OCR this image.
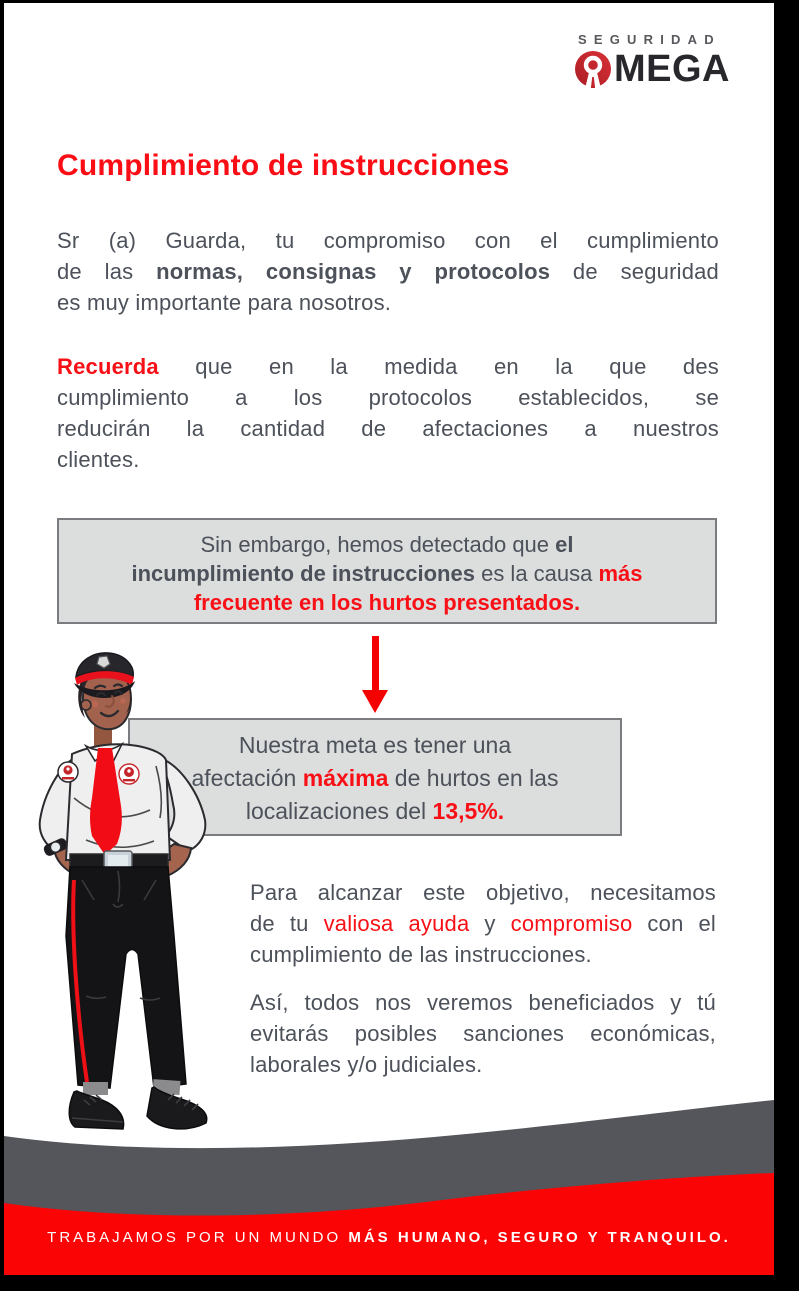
SEGURIDAD
MEGA
Cumplimiento de instrucciones
Sr (a) Guarda, tu compromiso con el cumplimiento
de las normas, consignas y protocolos de seguridad
es muy importante para nosotros.
Recuerda que en la medida en la que des
cumplimiento a los protocolos establecidos, se
reducirán la cantidad de afectaciones a nuestros
clientes.
Sin embargo, hemos detectado que el
incumplimiento de instrucciones es la causa más
frecuente en los hurtos presentados.
Nuestra meta es tener una
afectación máxima de hurtos en las
localizaciones del 13,5%.
Para alcanzar este objetivo, necesitamos
de tu valiosa ayuda y compromiso con el
cumplimiento de las instrucciones.
Así, todos nos veremos beneficiados y tú
evitarás posibles sanciones económicas,
laborales y/o judiciales.
TRABAJAMOS POR UN MUNDO MÁS HUMANO, SEGURO Y TRANQUILO.
